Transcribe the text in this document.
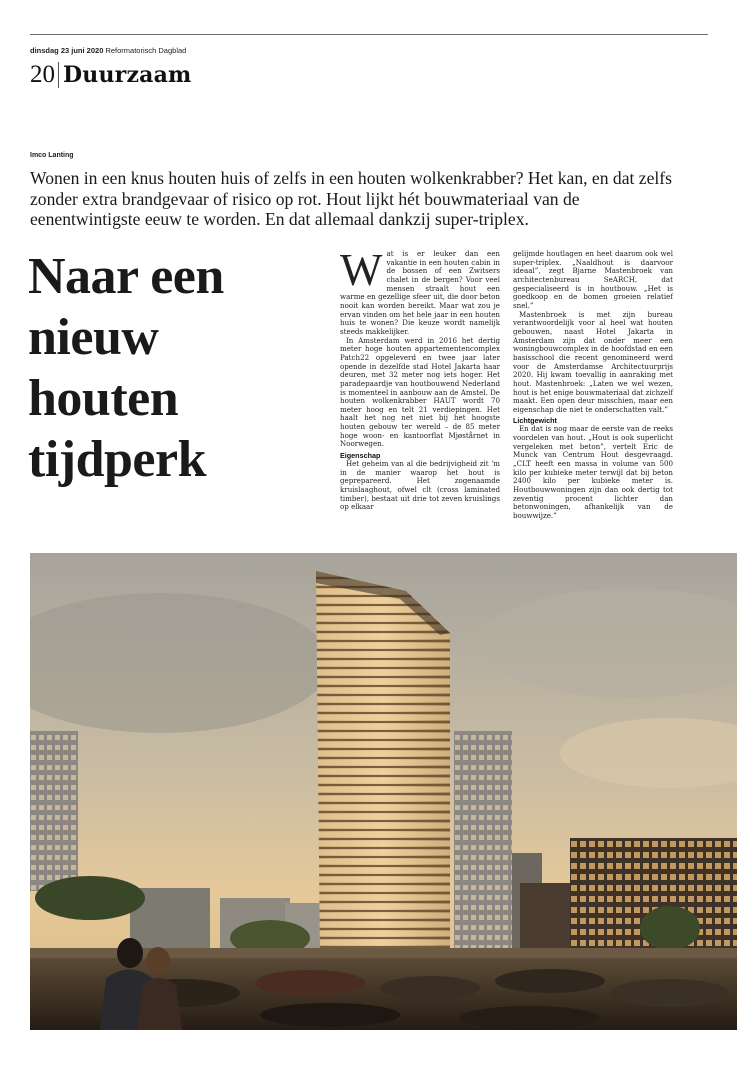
dinsdag 23 juni 2020 Reformatorisch Dagblad
20 Duurzaam
Imco Lanting
Wonen in een knus houten huis of zelfs in een houten wolkenkrabber? Het kan, en dat zelfs zonder extra brandgevaar of risico op rot. Hout lijkt hét bouwmateriaal van de eenentwintigste eeuw te worden. En dat allemaal dankzij super-triplex.
Naar een nieuw houten tijdperk

Wat is er leuker dan een vakantie in een houten cabin in de bossen of een Zwitsers chalet in de bergen? Voor veel mensen straalt hout een warme en gezellige sfeer uit, die door beton nooit kan worden bereikt. Maar wat zou je ervan vinden om het hele jaar in een houten huis te wonen? Die keuze wordt namelijk steeds makkelijker.

In Amsterdam werd in 2016 het dertig meter hoge houten appartementencomplex Patch22 opgeleverd en twee jaar later opende in dezelfde stad Hotel Jakarta haar deuren, met 32 meter nog iets hoger. Het paradepaardje van houtbouwend Nederland is momenteel in aanbouw aan de Amstel. De houten wolkenkrabber HAUT wordt 70 meter hoog en telt 21 verdiepingen. Het haalt het nog net niet bij het hoogste houten gebouw ter wereld – de 85 meter hoge woon- en kantoorflat Mjøstårnet in Noorwegen.

Eigenschap

Het geheim van al die bedrijvigheid zit 'm in de manier waarop het hout is geprepareerd. Het zogenaamde kruislaaghout, ofwel clt (cross laminated timber), bestaat uit drie tot zeven kruislings op elkaar

gelijmde houtlagen en heet daarom ook wel super-triplex. „Naaldhout is daarvoor ideaal”, zegt Bjarne Mastenbroek van architectenbureau SeARCH, dat gespecialiseerd is in houtbouw. „Het is goedkoop en de bomen groeien relatief snel.”

Mastenbroek is met zijn bureau verantwoordelijk voor al heel wat houten gebouwen, naast Hotel Jakarta in Amsterdam zijn dat onder meer een woningbouwcomplex in de hoofdstad en een basisschool die recent genomineerd werd voor de Amsterdamse Architectuurprijs 2020. Hij kwam toevallig in aanraking met hout. Mastenbroek: „Laten we wel wezen, hout is het enige bouwmateriaal dat zichzelf maakt. Een open deur misschien, maar een eigenschap die niet te onderschatten valt.”

Lichtgewicht

En dat is nog maar de eerste van de reeks voordelen van hout. „Hout is ook superlicht vergeleken met beton”, vertelt Eric de Munck van Centrum Hout desgevraagd. „CLT heeft een massa in volume van 500 kilo per kubieke meter terwijl dat bij beton 2400 kilo per kubieke meter is. Houtbouwwoningen zijn dan ook dertig tot zeventig procent lichter dan betonwoningen, afhankelijk van de bouwwijze.”
